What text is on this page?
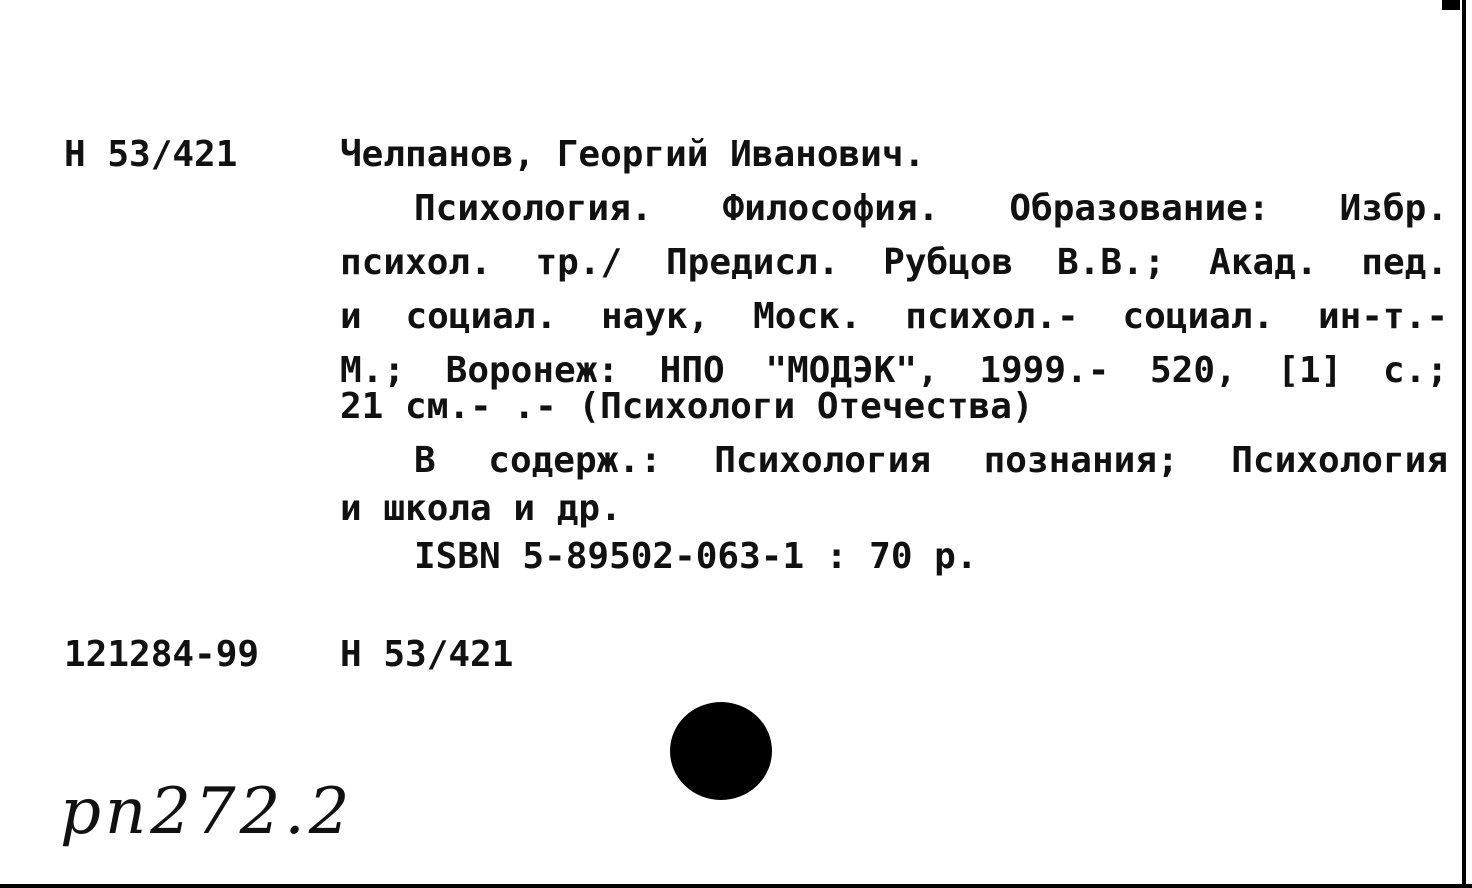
Н 53/421	Челпанов, Георгий Иванович.

Психология. Философия. Образование: Избр.

психол. тр./ Предисл. Рубцов В.В.; Акад. пед.

и социал. наук, Моск. психол.- социал. ин-т.-

М.; Воронеж: НПО "МОДЭК", 1999.- 520, [1] с.;

21 см.- .- (Психологи Отечества)

В содерж.: Психология познания; Психология

и школа и др.

ISBN 5-89502-063-1 : 70 р.

121284-99 Н 53/421

рп272.2
